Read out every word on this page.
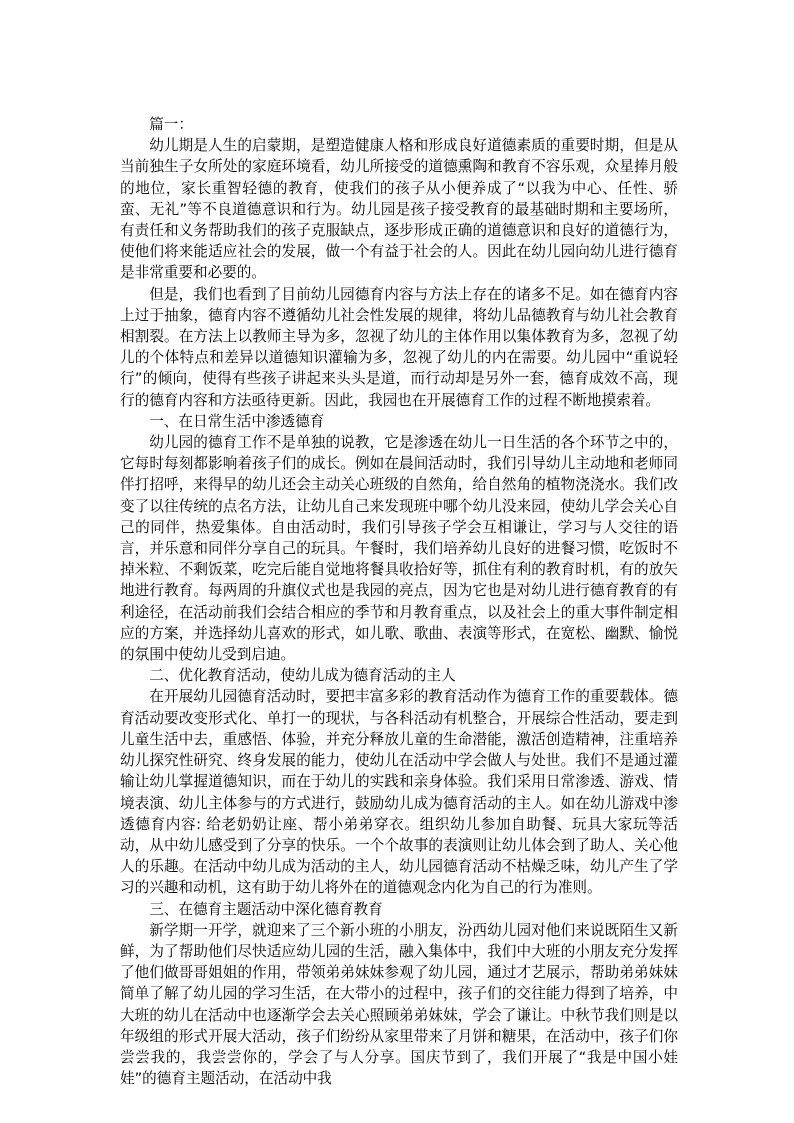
篇一：

幼儿期是人生的启蒙期，是塑造健康人格和形成良好道德素质的重要时期，但是从当前独生子女所处的家庭环境看，幼儿所接受的道德熏陶和教育不容乐观，众星捧月般的地位，家长重智轻德的教育，使我们的孩子从小便养成了“以我为中心、任性、骄蛮、无礼”等不良道德意识和行为。幼儿园是孩子接受教育的最基础时期和主要场所，有责任和义务帮助我们的孩子克服缺点，逐步形成正确的道德意识和良好的道德行为，使他们将来能适应社会的发展，做一个有益于社会的人。因此在幼儿园向幼儿进行德育是非常重要和必要的。

但是，我们也看到了目前幼儿园德育内容与方法上存在的诸多不足。如在德育内容上过于抽象，德育内容不遵循幼儿社会性发展的规律，将幼儿品德教育与幼儿社会教育相割裂。在方法上以教师主导为多，忽视了幼儿的主体作用以集体教育为多，忽视了幼儿的个体特点和差异以道德知识灌输为多，忽视了幼儿的内在需要。幼儿园中“重说轻行”的倾向，使得有些孩子讲起来头头是道，而行动却是另外一套，德育成效不高，现行的德育内容和方法亟待更新。因此，我园也在开展德育工作的过程不断地摸索着。

一、在日常生活中渗透德育

幼儿园的德育工作不是单独的说教，它是渗透在幼儿一日生活的各个环节之中的，它每时每刻都影响着孩子们的成长。例如在晨间活动时，我们引导幼儿主动地和老师同伴打招呼，来得早的幼儿还会主动关心班级的自然角，给自然角的植物浇浇水。我们改变了以往传统的点名方法，让幼儿自己来发现班中哪个幼儿没来园，使幼儿学会关心自己的同伴，热爱集体。自由活动时，我们引导孩子学会互相谦让，学习与人交往的语言，并乐意和同伴分享自己的玩具。午餐时，我们培养幼儿良好的进餐习惯，吃饭时不掉米粒、不剩饭菜，吃完后能自觉地将餐具收拾好等，抓住有利的教育时机，有的放矢地进行教育。每两周的升旗仪式也是我园的亮点，因为它也是对幼儿进行德育教育的有利途径，在活动前我们会结合相应的季节和月教育重点，以及社会上的重大事件制定相应的方案，并选择幼儿喜欢的形式，如儿歌、歌曲、表演等形式，在宽松、幽默、愉悦的氛围中使幼儿受到启迪。

二、优化教育活动，使幼儿成为德育活动的主人

在开展幼儿园德育活动时，要把丰富多彩的教育活动作为德育工作的重要载体。德育活动要改变形式化、单打一的现状，与各科活动有机整合，开展综合性活动，要走到儿童生活中去，重感悟、体验，并充分释放儿童的生命潜能，激活创造精神，注重培养幼儿探究性研究、终身发展的能力，使幼儿在活动中学会做人与处世。我们不是通过灌输让幼儿掌握道德知识，而在于幼儿的实践和亲身体验。我们采用日常渗透、游戏、情境表演、幼儿主体参与的方式进行，鼓励幼儿成为德育活动的主人。如在幼儿游戏中渗透德育内容: 给老奶奶让座、帮小弟弟穿衣。组织幼儿参加自助餐、玩具大家玩等活动，从中幼儿感受到了分享的快乐。一个个故事的表演则让幼儿体会到了助人、关心他人的乐趣。在活动中幼儿成为活动的主人，幼儿园德育活动不枯燥乏味，幼儿产生了学习的兴趣和动机，这有助于幼儿将外在的道德观念内化为自己的行为准则。

三、在德育主题活动中深化德育教育

新学期一开学，就迎来了三个新小班的小朋友，汾西幼儿园对他们来说既陌生又新鲜，为了帮助他们尽快适应幼儿园的生活，融入集体中，我们中大班的小朋友充分发挥了他们做哥哥姐姐的作用，带领弟弟妹妹参观了幼儿园，通过才艺展示，帮助弟弟妹妹简单了解了幼儿园的学习生活，在大带小的过程中，孩子们的交往能力得到了培养，中大班的幼儿在活动中也逐渐学会去关心照顾弟弟妹妹，学会了谦让。中秋节我们则是以年级组的形式开展大活动，孩子们纷纷从家里带来了月饼和糖果，在活动中，孩子们你尝尝我的，我尝尝你的，学会了与人分享。国庆节到了，我们开展了“我是中国小娃娃”的德育主题活动，在活动中我
